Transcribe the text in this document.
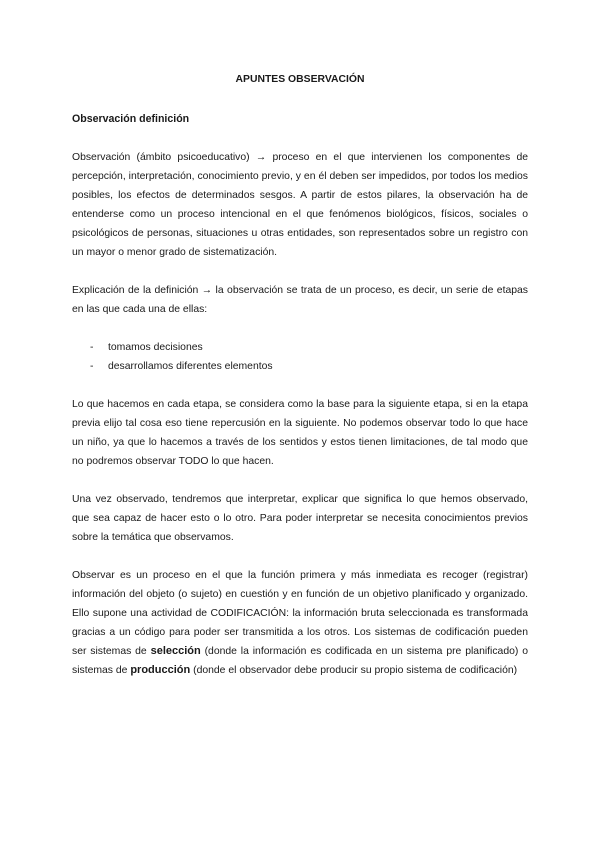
APUNTES OBSERVACIÓN
Observación definición

Observación (ámbito psicoeducativo) → proceso en el que intervienen los componentes de percepción, interpretación, conocimiento previo, y en él deben ser impedidos, por todos los medios posibles, los efectos de determinados sesgos. A partir de estos pilares, la observación ha de entenderse como un proceso intencional en el que fenómenos biológicos, físicos, sociales o psicológicos de personas, situaciones u otras entidades, son representados sobre un registro con un mayor o menor grado de sistematización.

Explicación de la definición → la observación se trata de un proceso, es decir, un serie de etapas en las que cada una de ellas:

- tomamos decisiones
- desarrollamos diferentes elementos

Lo que hacemos en cada etapa, se considera como la base para la siguiente etapa, si en la etapa previa elijo tal cosa eso tiene repercusión en la siguiente. No podemos observar todo lo que hace un niño, ya que lo hacemos a través de los sentidos y estos tienen limitaciones, de tal modo que no podremos observar TODO lo que hacen.

Una vez observado, tendremos que interpretar, explicar que significa lo que hemos observado, que sea capaz de hacer esto o lo otro. Para poder interpretar se necesita conocimientos previos sobre la temática que observamos.

Observar es un proceso en el que la función primera y más inmediata es recoger (registrar) información del objeto (o sujeto) en cuestión y en función de un objetivo planificado y organizado. Ello supone una actividad de CODIFICACIÓN: la información bruta seleccionada es transformada gracias a un código para poder ser transmitida a los otros. Los sistemas de codificación pueden ser sistemas de selección (donde la información es codificada en un sistema pre planificado) o sistemas de producción (donde el observador debe producir su propio sistema de codificación)
